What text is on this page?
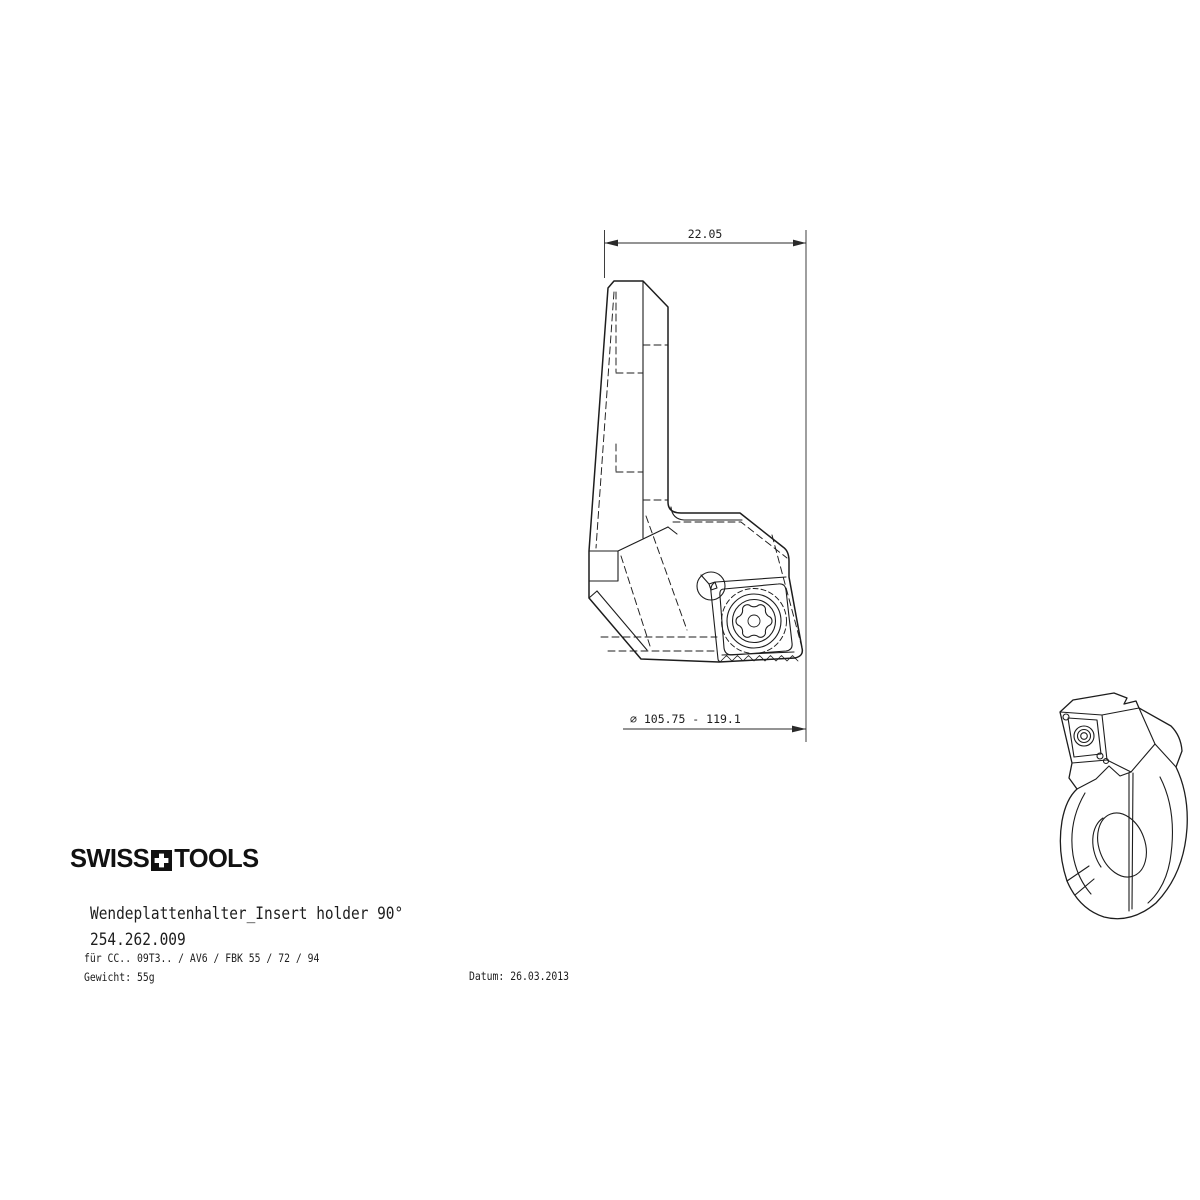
22.05
∅ 105.75 - 119.1
SWISS TOOLS

Wendeplattenhalter_Insert holder 90°

254.262.009

für CC.. 09T3.. / AV6 / FBK 55 / 72 / 94

Gewicht: 55g	Datum: 26.03.2013
